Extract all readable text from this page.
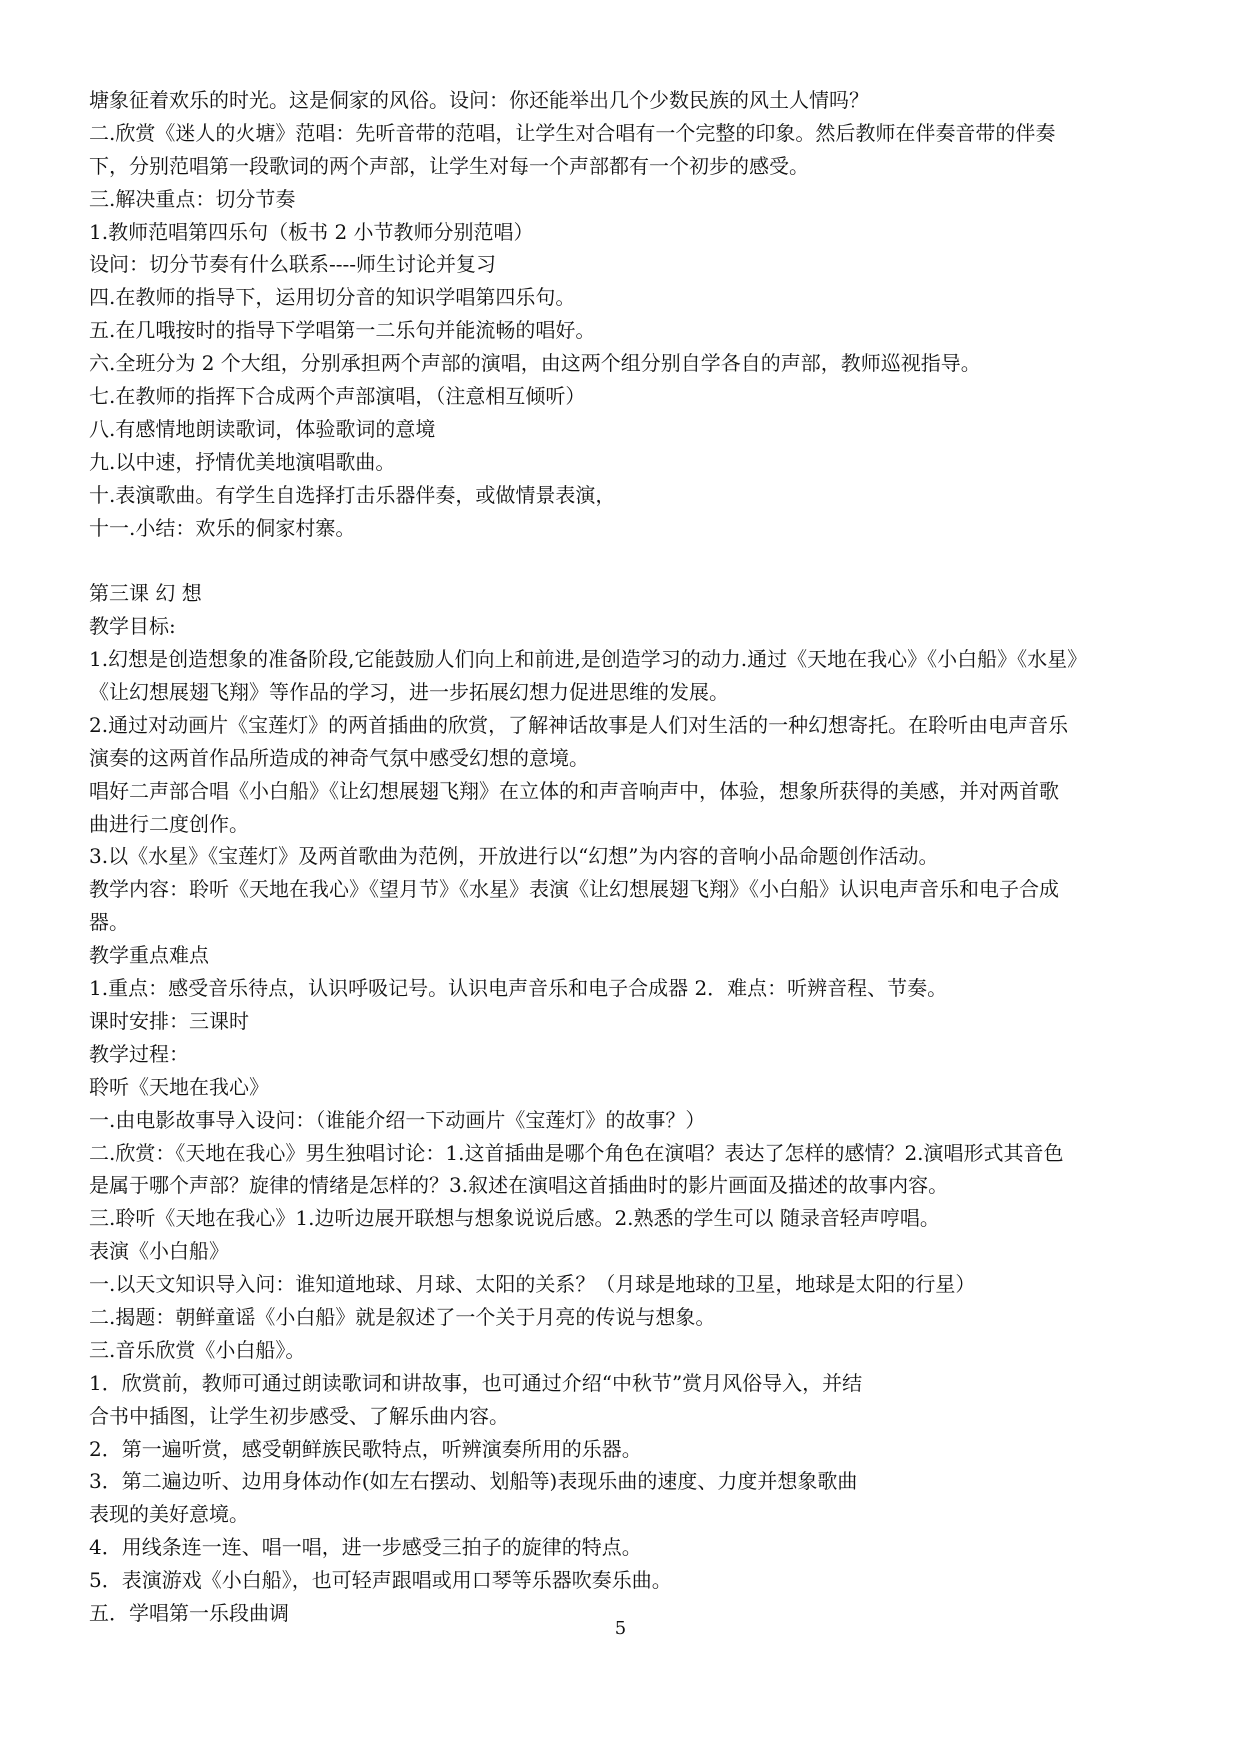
塘象征着欢乐的时光。这是侗家的风俗。设问：你还能举出几个少数民族的风土人情吗？
二.欣赏《迷人的火塘》范唱：先听音带的范唱，让学生对合唱有一个完整的印象。然后教师在伴奏音带的伴奏
下，分别范唱第一段歌词的两个声部，让学生对每一个声部都有一个初步的感受。
三.解决重点：切分节奏
1.教师范唱第四乐句（板书 2 小节教师分别范唱）
设问：切分节奏有什么联系----师生讨论并复习
四.在教师的指导下，运用切分音的知识学唱第四乐句。
五.在几哦按时的指导下学唱第一二乐句并能流畅的唱好。
六.全班分为 2 个大组，分别承担两个声部的演唱，由这两个组分别自学各自的声部，教师巡视指导。
七.在教师的指挥下合成两个声部演唱，（注意相互倾听）
八.有感情地朗读歌词，体验歌词的意境
九.以中速，抒情优美地演唱歌曲。
十.表演歌曲。有学生自选择打击乐器伴奏，或做情景表演，
十一.小结：欢乐的侗家村寨。
第三课 幻 想
教学目标:
1.幻想是创造想象的准备阶段,它能鼓励人们向上和前进,是创造学习的动力.通过《天地在我心》《小白船》《水星》
《让幻想展翅飞翔》等作品的学习，进一步拓展幻想力促进思维的发展。
2.通过对动画片《宝莲灯》的两首插曲的欣赏，了解神话故事是人们对生活的一种幻想寄托。在聆听由电声音乐
演奏的这两首作品所造成的神奇气氛中感受幻想的意境。
唱好二声部合唱《小白船》《让幻想展翅飞翔》在立体的和声音响声中，体验，想象所获得的美感，并对两首歌
曲进行二度创作。
3.以《水星》《宝莲灯》及两首歌曲为范例，开放进行以“幻想”为内容的音响小品命题创作活动。
教学内容：聆听《天地在我心》《望月节》《水星》表演《让幻想展翅飞翔》《小白船》认识电声音乐和电子合成
器。
教学重点难点
1.重点：感受音乐待点，认识呼吸记号。认识电声音乐和电子合成器 2．难点：听辨音程、节奏。
课时安排：三课时
教学过程：
聆听《天地在我心》
一.由电影故事导入设问：（谁能介绍一下动画片《宝莲灯》的故事？）
二.欣赏：《天地在我心》男生独唱讨论：1.这首插曲是哪个角色在演唱？表达了怎样的感情？2.演唱形式其音色
是属于哪个声部？旋律的情绪是怎样的？3.叙述在演唱这首插曲时的影片画面及描述的故事内容。
三.聆听《天地在我心》1.边听边展开联想与想象说说后感。2.熟悉的学生可以 随录音轻声哼唱。
表演《小白船》
一.以天文知识导入问：谁知道地球、月球、太阳的关系？（月球是地球的卫星，地球是太阳的行星）
二.揭题：朝鲜童谣《小白船》就是叙述了一个关于月亮的传说与想象。
三.音乐欣赏《小白船》。
1．欣赏前，教师可通过朗读歌词和讲故事，也可通过介绍“中秋节”赏月风俗导入，并结
合书中插图，让学生初步感受、了解乐曲内容。
2．第一遍听赏，感受朝鲜族民歌特点，听辨演奏所用的乐器。
3．第二遍边听、边用身体动作(如左右摆动、划船等)表现乐曲的速度、力度并想象歌曲
表现的美好意境。
4．用线条连一连、唱一唱，进一步感受三拍子的旋律的特点。
5．表演游戏《小白船》，也可轻声跟唱或用口琴等乐器吹奏乐曲。
五．学唱第一乐段曲调
5
